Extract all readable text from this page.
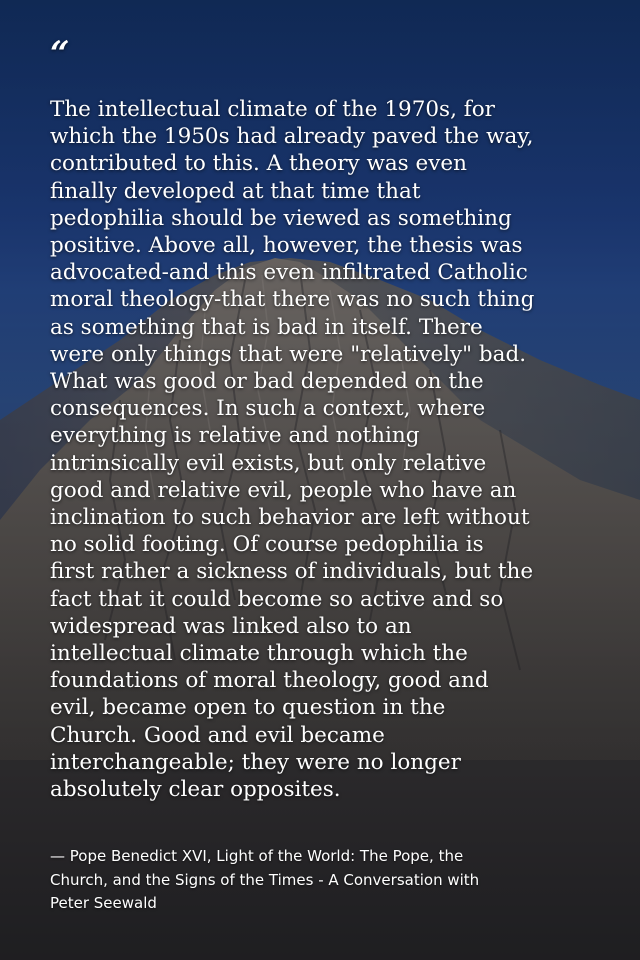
“

The intellectual climate of the 1970s, for
which the 1950s had already paved the way,
contributed to this. A theory was even
finally developed at that time that
pedophilia should be viewed as something
positive. Above all, however, the thesis was
advocated-and this even infiltrated Catholic
moral theology-that there was no such thing
as something that is bad in itself. There
were only things that were "relatively" bad.
What was good or bad depended on the
consequences. In such a context, where
everything is relative and nothing
intrinsically evil exists, but only relative
good and relative evil, people who have an
inclination to such behavior are left without
no solid footing. Of course pedophilia is
first rather a sickness of individuals, but the
fact that it could become so active and so
widespread was linked also to an
intellectual climate through which the
foundations of moral theology, good and
evil, became open to question in the
Church. Good and evil became
interchangeable; they were no longer
absolutely clear opposites.

— Pope Benedict XVI, Light of the World: The Pope, the
Church, and the Signs of the Times - A Conversation with
Peter Seewald
